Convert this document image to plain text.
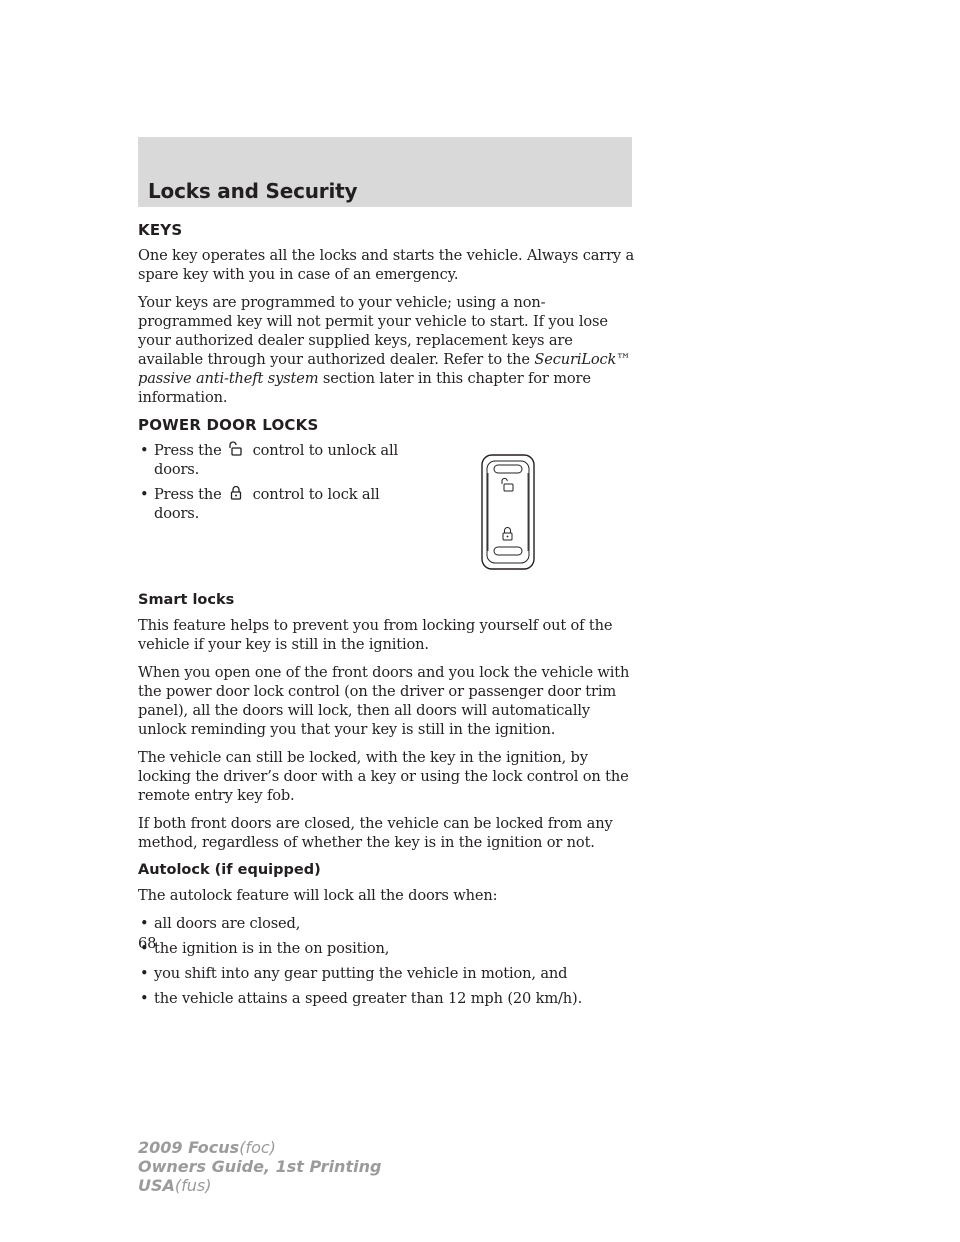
Locks and Security
KEYS

One key operates all the locks and starts the vehicle. Always carry a spare key with you in case of an emergency.

Your keys are programmed to your vehicle; using a non-programmed key will not permit your vehicle to start. If you lose your authorized dealer supplied keys, replacement keys are available through your authorized dealer. Refer to the SecuriLock™ passive anti-theft system section later in this chapter for more information.

POWER DOOR LOCKS
• Press the control to unlock all doors.
• Press the control to lock all doors.
Smart locks

This feature helps to prevent you from locking yourself out of the vehicle if your key is still in the ignition.

When you open one of the front doors and you lock the vehicle with the power door lock control (on the driver or passenger door trim panel), all the doors will lock, then all doors will automatically unlock reminding you that your key is still in the ignition.

The vehicle can still be locked, with the key in the ignition, by locking the driver’s door with a key or using the lock control on the remote entry key fob.

If both front doors are closed, the vehicle can be locked from any method, regardless of whether the key is in the ignition or not.

Autolock (if equipped)

The autolock feature will lock all the doors when:

• all doors are closed,
• the ignition is in the on position,
• you shift into any gear putting the vehicle in motion, and
• the vehicle attains a speed greater than 12 mph (20 km/h).

68

2009 Focus(foc)
Owners Guide, 1st Printing
USA(fus)
